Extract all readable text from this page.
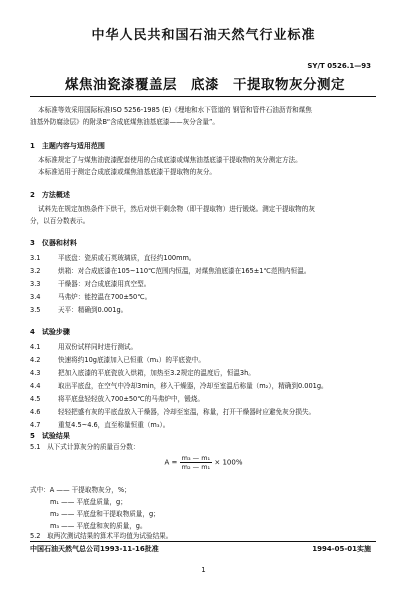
中华人民共和国石油天然气行业标准
SY/T 0526.1—93
煤焦油瓷漆覆盖层　底漆　干提取物灰分测定
本标准等效采用国际标准ISO 5256-1985 (E)《埋地和水下管道的 钢管和管件石油沥青和煤焦
油基外防腐涂层》的附录B“含成底煤焦油基底漆——灰分含量”。
1　主题内容与适用范围
本标准规定了与煤焦油瓷漆配套使用的合成底漆或煤焦油基底漆干提取物的灰分测定方法。
本标准适用于测定合成底漆或煤焦油基底漆干提取物的灰分。
2　方法概述
试料先在规定加热条件下烘干，然后对烘干剩余物（即干提取物）进行锻烧。测定干提取物的灰
分，以百分数表示。
3　仪器和材料
3.1	平底盘：瓷质或石英玻璃质，直径约100mm。
3.2	烘箱：对合成底漆在105~110℃范围内恒温，对煤焦油底漆在165±1℃范围内恒温。
3.3	干燥器：对合成底漆用真空型。
3.4	马弗炉：能控温在700±50℃。
3.5	天平：精确到0.001g。
4　试验步骤
4.1	用双份试样同时进行测试。
4.2	快速将约10g底漆加入已恒重（m₁）的平底瓷中。
4.3	把加入底漆的平底瓷放入烘箱，加热至3.2规定的温度后，恒温3h。
4.4	取出平底盘，在空气中冷却3min，移入干燥器，冷却至室温后称量（m₂），精确到0.001g。
4.5	将平底盘轻轻放入700±50℃的马弗炉中，锻烧。
4.6	轻轻把盛有灰的平底盘放入干燥器，冷却至室温，称量，打开干燥器时应避免灰分损失。
4.7	重复4.5~4.6，直至称量恒重（m₃）。
5　试验结果
5.1　从下式计算灰分的质量百分数：
$A = \frac{\text{m₃ — m₁}}{\text{m₂ — m₁}} \times 100\%$
式中：A —— 干提取物灰分，%；
m₁ —— 平底盘质量，g；
m₂ —— 平底盘和干提取物质量，g；
m₃ —— 平底盘和灰的质量，g。
5.2　取两次测试结果的算术平均值为试验结果。
中国石油天然气总公司1993-11-16批准	1994-05-01实施
1
